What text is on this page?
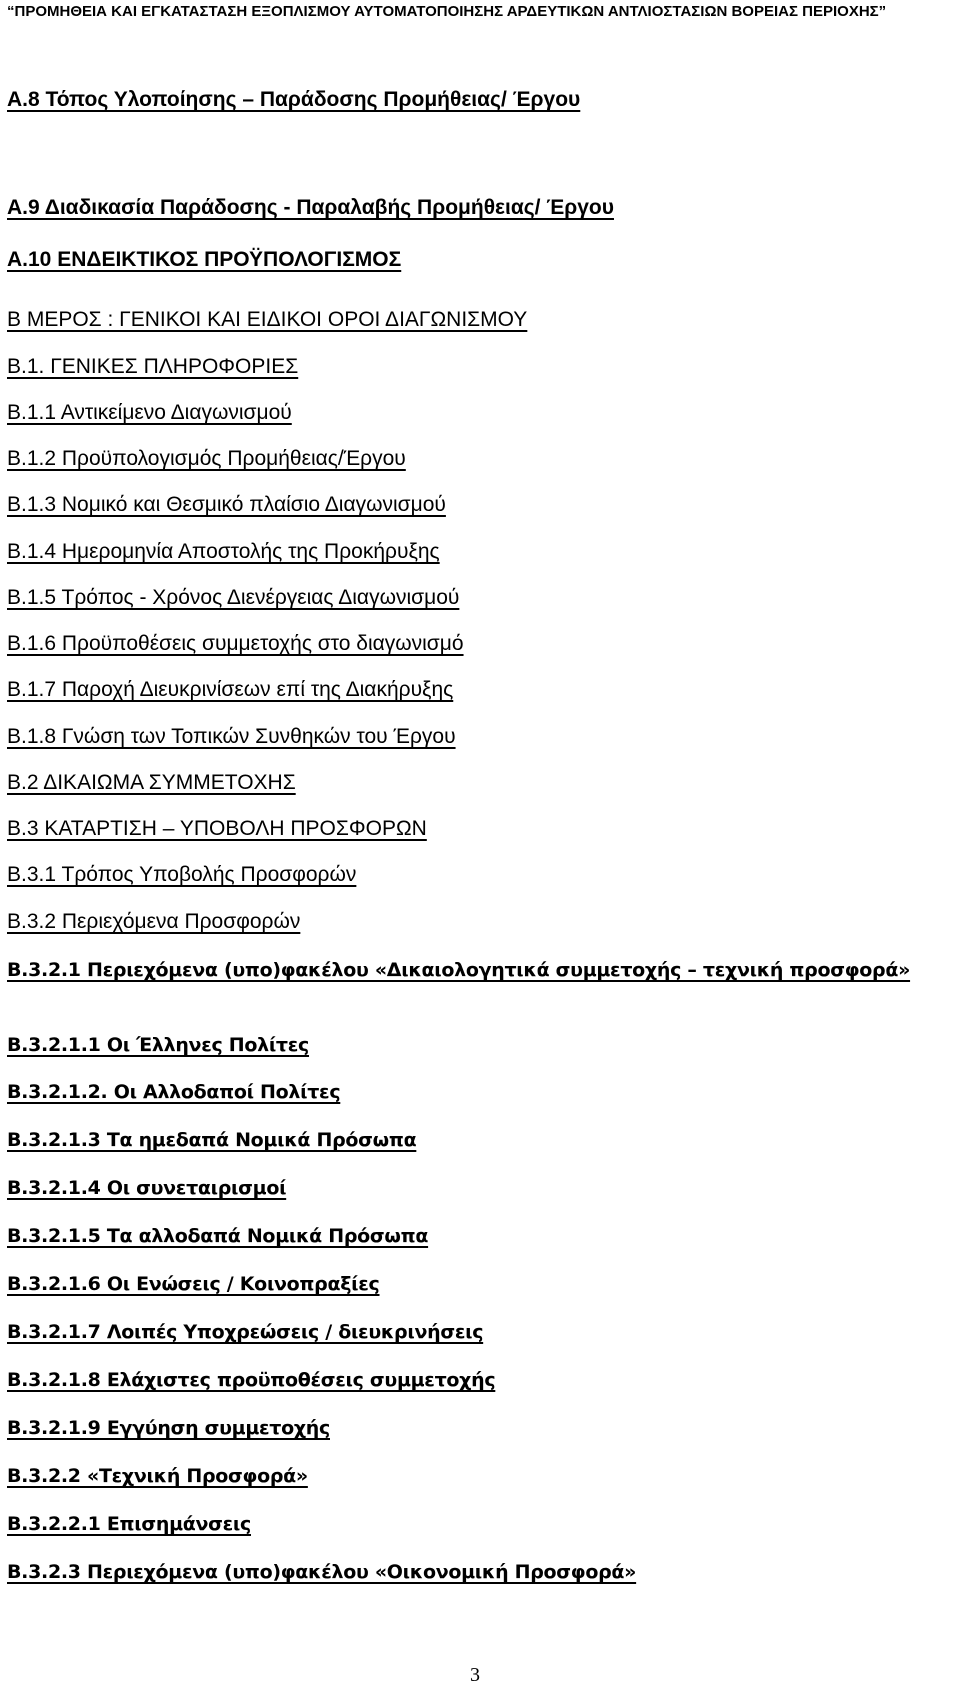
“ΠΡΟΜΗΘΕΙΑ ΚΑΙ ΕΓΚΑΤΑΣΤΑΣΗ ΕΞΟΠΛΙΣΜΟΥ ΑΥΤΟΜΑΤΟΠΟΙΗΣΗΣ ΑΡΔΕΥΤΙΚΩΝ ΑΝΤΛΙΟΣΤΑΣΙΩΝ ΒΟΡΕΙΑΣ ΠΕΡΙΟΧΗΣ”
Α.8 Τόπος Υλοποίησης – Παράδοσης Προμήθειας/ Έργου
Α.9 Διαδικασία Παράδοσης - Παραλαβής Προμήθειας/ Έργου
Α.10 ΕΝΔΕΙΚΤΙΚΟΣ ΠΡΟΫΠΟΛΟΓΙΣΜΟΣ
Β ΜΕΡΟΣ : ΓΕΝΙΚΟΙ ΚΑΙ ΕΙΔΙΚΟΙ ΟΡΟΙ ΔΙΑΓΩΝΙΣΜΟΥ
Β.1. ΓΕΝΙΚΕΣ ΠΛΗΡΟΦΟΡΙΕΣ
Β.1.1 Αντικείμενο Διαγωνισμού
Β.1.2 Προϋπολογισμός Προμήθειας/Έργου
Β.1.3 Νομικό και Θεσμικό πλαίσιο Διαγωνισμού
Β.1.4 Ημερομηνία Αποστολής της Προκήρυξης
Β.1.5 Τρόπος - Χρόνος Διενέργειας Διαγωνισμού
Β.1.6 Προϋποθέσεις συμμετοχής στο διαγωνισμό
Β.1.7 Παροχή Διευκρινίσεων επί της Διακήρυξης
Β.1.8 Γνώση των Τοπικών Συνθηκών του Έργου
Β.2 ΔΙΚΑΙΩΜΑ ΣΥΜΜΕΤΟΧΗΣ
Β.3 ΚΑΤΑΡΤΙΣΗ – ΥΠΟΒΟΛΗ ΠΡΟΣΦΟΡΩΝ
Β.3.1 Τρόπος Υποβολής Προσφορών
Β.3.2 Περιεχόμενα Προσφορών
Β.3.2.1 Περιεχόμενα (υπο)φακέλου «Δικαιολογητικά συμμετοχής – τεχνική προσφορά»
Β.3.2.1.1 Οι Έλληνες Πολίτες
Β.3.2.1.2. Οι Αλλοδαποί Πολίτες
Β.3.2.1.3 Τα ημεδαπά Νομικά Πρόσωπα
Β.3.2.1.4 Οι συνεταιρισμοί
Β.3.2.1.5 Τα αλλοδαπά Νομικά Πρόσωπα
Β.3.2.1.6 Οι Ενώσεις / Κοινοπραξίες
Β.3.2.1.7 Λοιπές Υποχρεώσεις / διευκρινήσεις
Β.3.2.1.8 Ελάχιστες προϋποθέσεις συμμετοχής
Β.3.2.1.9 Εγγύηση συμμετοχής
Β.3.2.2 «Τεχνική Προσφορά»
Β.3.2.2.1 Επισημάνσεις
Β.3.2.3 Περιεχόμενα (υπο)φακέλου «Οικονομική Προσφορά»
3
